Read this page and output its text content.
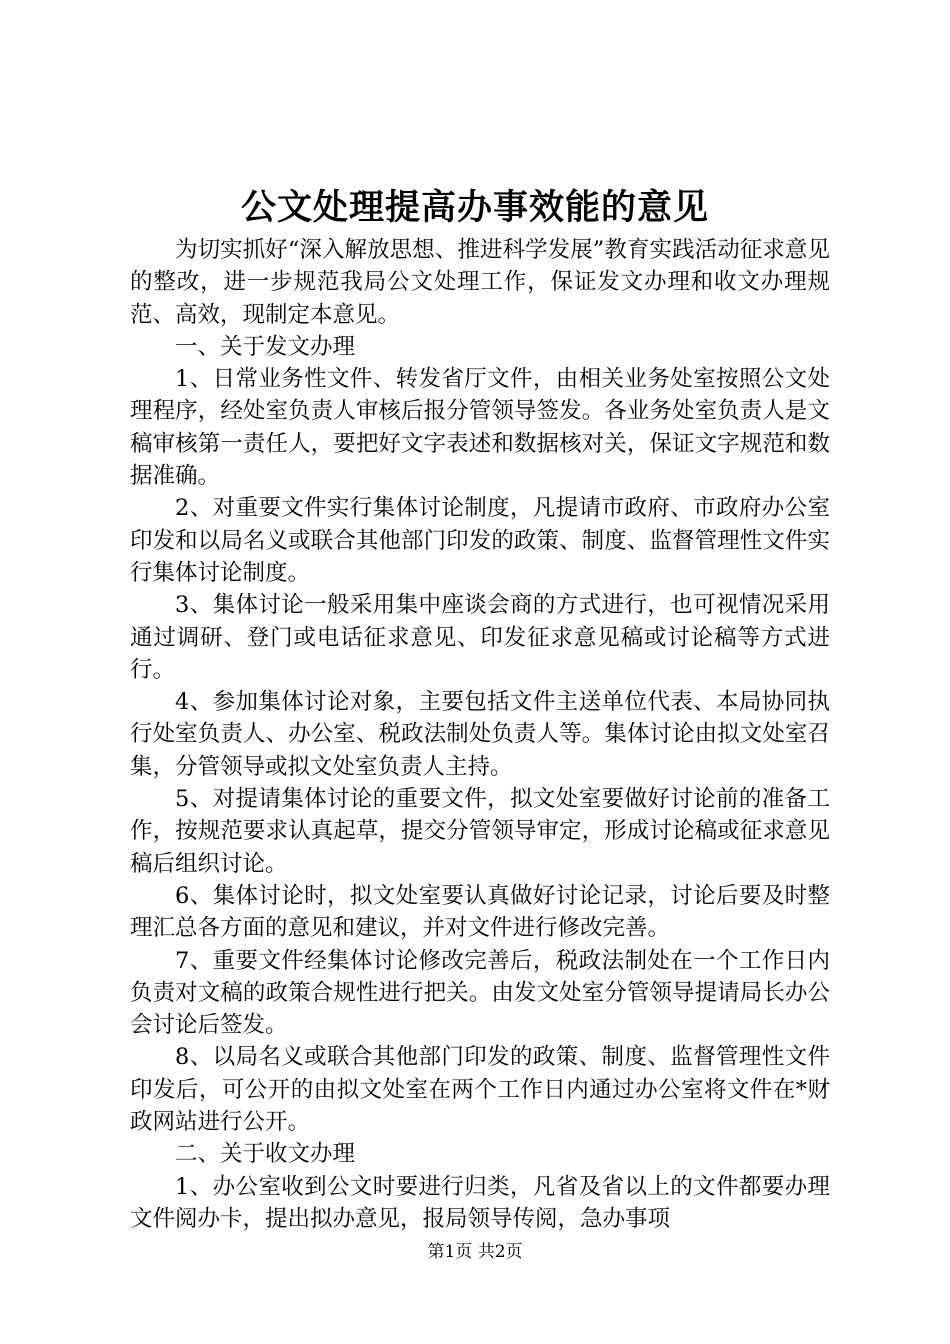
公文处理提高办事效能的意见

为切实抓好“深入解放思想、推进科学发展”教育实践活动征求意见的整改，进一步规范我局公文处理工作，保证发文办理和收文办理规范、高效，现制定本意见。

一、关于发文办理

1、日常业务性文件、转发省厅文件，由相关业务处室按照公文处理程序，经处室负责人审核后报分管领导签发。各业务处室负责人是文稿审核第一责任人，要把好文字表述和数据核对关，保证文字规范和数据准确。

2、对重要文件实行集体讨论制度，凡提请市政府、市政府办公室印发和以局名义或联合其他部门印发的政策、制度、监督管理性文件实行集体讨论制度。

3、集体讨论一般采用集中座谈会商的方式进行，也可视情况采用通过调研、登门或电话征求意见、印发征求意见稿或讨论稿等方式进行。

4、参加集体讨论对象，主要包括文件主送单位代表、本局协同执行处室负责人、办公室、税政法制处负责人等。集体讨论由拟文处室召集，分管领导或拟文处室负责人主持。

5、对提请集体讨论的重要文件，拟文处室要做好讨论前的准备工作，按规范要求认真起草，提交分管领导审定，形成讨论稿或征求意见稿后组织讨论。

6、集体讨论时，拟文处室要认真做好讨论记录，讨论后要及时整理汇总各方面的意见和建议，并对文件进行修改完善。

7、重要文件经集体讨论修改完善后，税政法制处在一个工作日内负责对文稿的政策合规性进行把关。由发文处室分管领导提请局长办公会讨论后签发。

8、以局名义或联合其他部门印发的政策、制度、监督管理性文件印发后，可公开的由拟文处室在两个工作日内通过办公室将文件在*财政网站进行公开。

二、关于收文办理

1、办公室收到公文时要进行归类，凡省及省以上的文件都要办理文件阅办卡，提出拟办意见，报局领导传阅，急办事项

第1页 共2页
